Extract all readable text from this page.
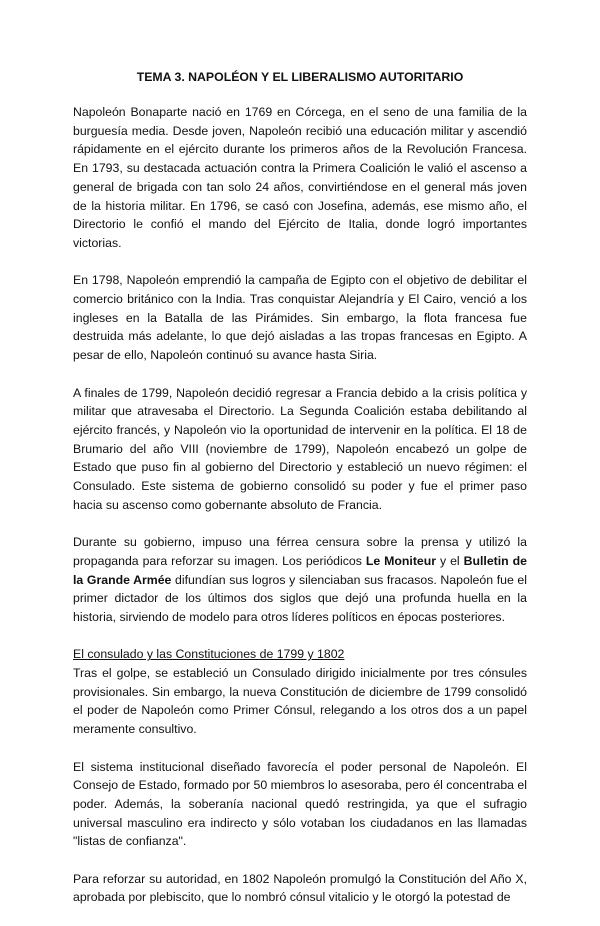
TEMA 3. NAPOLÉON Y EL LIBERALISMO AUTORITARIO

Napoleón Bonaparte nació en 1769 en Córcega, en el seno de una familia de la burguesía media. Desde joven, Napoleón recibió una educación militar y ascendió rápidamente en el ejército durante los primeros años de la Revolución Francesa. En 1793, su destacada actuación contra la Primera Coalición le valió el ascenso a general de brigada con tan solo 24 años, convirtiéndose en el general más joven de la historia militar. En 1796, se casó con Josefina, además, ese mismo año, el Directorio le confió el mando del Ejército de Italia, donde logró importantes victorias.

En 1798, Napoleón emprendió la campaña de Egipto con el objetivo de debilitar el comercio británico con la India. Tras conquistar Alejandría y El Cairo, venció a los ingleses en la Batalla de las Pirámides. Sin embargo, la flota francesa fue destruida más adelante, lo que dejó aisladas a las tropas francesas en Egipto. A pesar de ello, Napoleón continuó su avance hasta Siria.

A finales de 1799, Napoleón decidió regresar a Francia debido a la crisis política y militar que atravesaba el Directorio. La Segunda Coalición estaba debilitando al ejército francés, y Napoleón vio la oportunidad de intervenir en la política. El 18 de Brumario del año VIII (noviembre de 1799), Napoleón encabezó un golpe de Estado que puso fin al gobierno del Directorio y estableció un nuevo régimen: el Consulado. Este sistema de gobierno consolidó su poder y fue el primer paso hacia su ascenso como gobernante absoluto de Francia.

Durante su gobierno, impuso una férrea censura sobre la prensa y utilizó la propaganda para reforzar su imagen. Los periódicos Le Moniteur y el Bulletin de la Grande Armée difundían sus logros y silenciaban sus fracasos. Napoleón fue el primer dictador de los últimos dos siglos que dejó una profunda huella en la historia, sirviendo de modelo para otros líderes políticos en épocas posteriores.

El consulado y las Constituciones de 1799 y 1802

Tras el golpe, se estableció un Consulado dirigido inicialmente por tres cónsules provisionales. Sin embargo, la nueva Constitución de diciembre de 1799 consolidó el poder de Napoleón como Primer Cónsul, relegando a los otros dos a un papel meramente consultivo.

El sistema institucional diseñado favorecía el poder personal de Napoleón. El Consejo de Estado, formado por 50 miembros lo asesoraba, pero él concentraba el poder. Además, la soberanía nacional quedó restringida, ya que el sufragio universal masculino era indirecto y sólo votaban los ciudadanos en las llamadas "listas de confianza".

Para reforzar su autoridad, en 1802 Napoleón promulgó la Constitución del Año X, aprobada por plebiscito, que lo nombró cónsul vitalicio y le otorgó la potestad de
